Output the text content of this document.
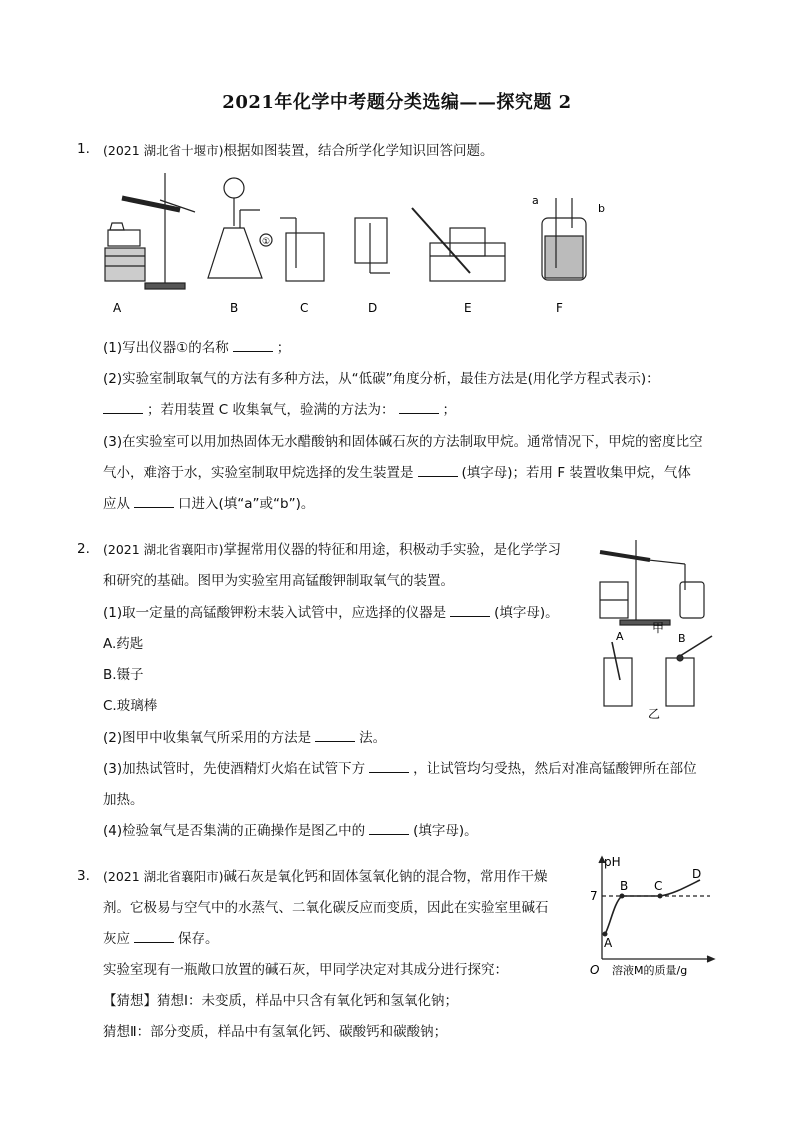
2021年化学中考题分类选编——探究题 2
1. (2021 湖北省十堰市)根据如图装置，结合所学化学知识回答问题。
A	B	C	D	E	F
①
a
b
(1)写出仪器①的名称	；
(2)实验室制取氧气的方法有多种方法，从“低碳”角度分析，最佳方法是(用化学方程式表示)：
；若用装置 C 收集氧气，验满的方法为：	；
(3)在实验室可以用加热固体无水醋酸钠和固体碱石灰的方法制取甲烷。通常情况下，甲烷的密度比空
气小，难溶于水，实验室制取甲烷选择的发生装置是	(填字母)；若用 F 装置收集甲烷，气体
应从	口进入(填“a”或“b”)。
2. (2021 湖北省襄阳市)掌握常用仪器的特征和用途，积极动手实验，是化学学习
和研究的基础。图甲为实验室用高锰酸钾制取氧气的装置。
(1)取一定量的高锰酸钾粉末装入试管中，应选择的仪器是	(填字母)。
A.药匙
B.镊子
C.玻璃棒
(2)图甲中收集氧气所采用的方法是	法。
(3)加热试管时，先使酒精灯火焰在试管下方	，让试管均匀受热，然后对准高锰酸钾所在部位
加热。
(4)检验氧气是否集满的正确操作是图乙中的	(填字母)。
甲
A	B
乙
3. (2021 湖北省襄阳市)碱石灰是氧化钙和固体氢氧化钠的混合物，常用作干燥
剂。它极易与空气中的水蒸气、二氧化碳反应而变质，因此在实验室里碱石
灰应	保存。
实验室现有一瓶敞口放置的碱石灰，甲同学决定对其成分进行探究：
【猜想】猜想Ⅰ：未变质，样品中只含有氧化钙和氢氧化钠；
猜想Ⅱ：部分变质，样品中有氢氧化钙、碳酸钙和碳酸钠；
pH
7
O 溶液M的质量/g
A
B C
D
